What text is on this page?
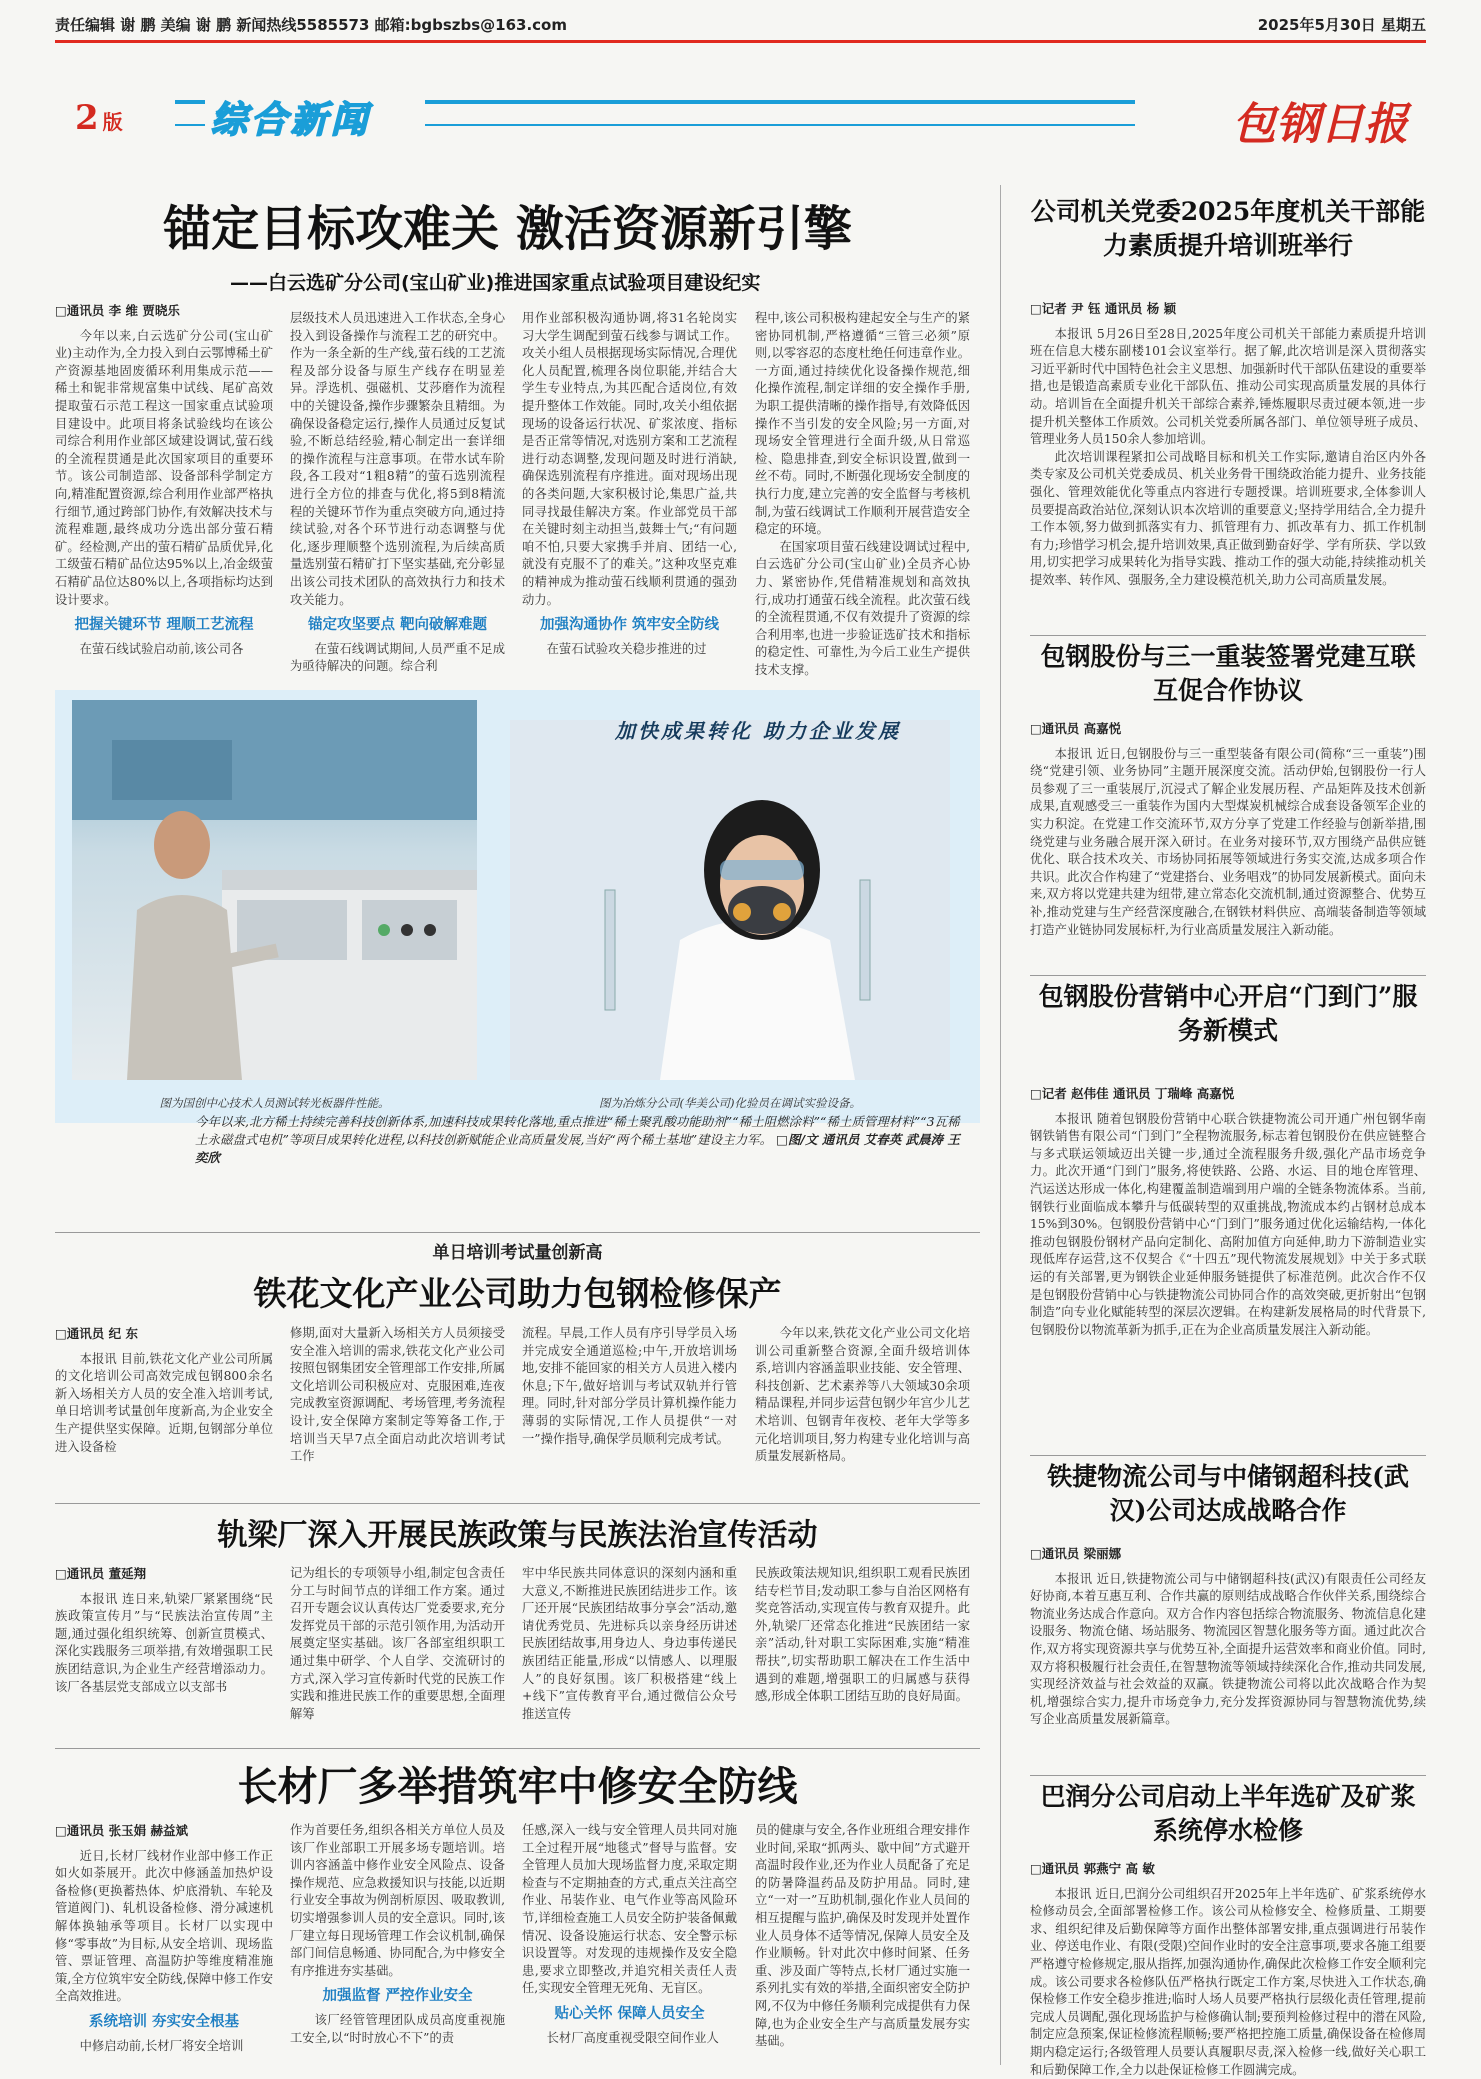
责任编辑 谢 鹏 美编 谢 鹏 新闻热线5585573 邮箱:bgbszbs@163.com	2025年5月30日 星期五
2 版 综合新闻	包钢日报
锚定目标攻难关 激活资源新引擎
——白云选矿分公司(宝山矿业)推进国家重点试验项目建设纪实
□通讯员 李 维 贾晓乐

今年以来,白云选矿分公司(宝山矿业)主动作为,全力投入到白云鄂博稀土矿产资源基地固废循环利用集成示范——稀土和铌非常规富集中试线、尾矿高效提取萤石示范工程这一国家重点试验项目建设中。此项目将条试验线均在该公司综合利用作业部区域建设调试,萤石线的全流程贯通是此次国家项目的重要环节。该公司制造部、设备部科学制定方向,精准配置资源,综合利用作业部严格执行细节,通过跨部门协作,有效解决技术与流程难题,最终成功分选出部分萤石精矿。经检测,产出的萤石精矿品质优异,化工级萤石精矿品位达95%以上,冶金级萤石精矿品位达80%以上,各项指标均达到设计要求。

把握关键环节 理顺工艺流程

在萤石线试验启动前,该公司各

层级技术人员迅速进入工作状态,全身心投入到设备操作与流程工艺的研究中。作为一条全新的生产线,萤石线的工艺流程及部分设备与原生产线存在明显差异。浮选机、强磁机、艾莎磨作为流程中的关键设备,操作步骤繁杂且精细。为确保设备稳定运行,操作人员通过反复试验,不断总结经验,精心制定出一套详细的操作流程与注意事项。在带水试车阶段,各工段对“1粗8精”的萤石选别流程进行全方位的排查与优化,将5到8精流程的关键环节作为重点突破方向,通过持续试验,对各个环节进行动态调整与优化,逐步理顺整个选别流程,为后续高质量选别萤石精矿打下坚实基础,充分彰显出该公司技术团队的高效执行力和技术攻关能力。

锚定攻坚要点 靶向破解难题

在萤石线调试期间,人员严重不足成为亟待解决的问题。综合利

用作业部积极沟通协调,将31名轮岗实习大学生调配到萤石线参与调试工作。攻关小组人员根据现场实际情况,合理优化人员配置,梳理各岗位职能,并结合大学生专业特点,为其匹配合适岗位,有效提升整体工作效能。同时,攻关小组依据现场的设备运行状况、矿浆浓度、指标是否正常等情况,对选别方案和工艺流程进行动态调整,发现问题及时进行消缺,确保选别流程有序推进。面对现场出现的各类问题,大家积极讨论,集思广益,共同寻找最佳解决方案。作业部党员干部在关键时刻主动担当,鼓舞士气;“有问题咱不怕,只要大家携手并肩、团结一心,就没有克服不了的难关。”这种攻坚克难的精神成为推动萤石线顺利贯通的强劲动力。

加强沟通协作 筑牢安全防线

在萤石试验攻关稳步推进的过

程中,该公司积极构建起安全与生产的紧密协同机制,严格遵循“三管三必须”原则,以零容忍的态度杜绝任何违章作业。一方面,通过持续优化设备操作规范,细化操作流程,制定详细的安全操作手册,为职工提供清晰的操作指导,有效降低因操作不当引发的安全风险;另一方面,对现场安全管理进行全面升级,从日常巡检、隐患排查,到安全标识设置,做到一丝不苟。同时,不断强化现场安全制度的执行力度,建立完善的安全监督与考核机制,为萤石线调试工作顺利开展营造安全稳定的环境。

在国家项目萤石线建设调试过程中,白云选矿分公司(宝山矿业)全员齐心协力、紧密协作,凭借精准规划和高效执行,成功打通萤石线全流程。此次萤石线的全流程贯通,不仅有效提升了资源的综合利用率,也进一步验证选矿技术和指标的稳定性、可靠性,为今后工业生产提供技术支撑。

加快成果转化 助力企业发展
图为国创中心技术人员测试转光板器件性能。	图为冶炼分公司(华美公司)化验员在调试实验设备。
今年以来,北方稀土持续完善科技创新体系,加速科技成果转化落地,重点推进“稀土聚乳酸功能助剂”“稀土阻燃涂料”“稀土质管理材料”“3瓦稀土永磁盘式电机”等项目成果转化进程,以科技创新赋能企业高质量发展,当好“两个稀土基地”建设主力军。 □图/文 通讯员 艾春英 武晨涛 王奕欣
单日培训考试量创新高
铁花文化产业公司助力包钢检修保产
□通讯员 纪 东

本报讯 目前,铁花文化产业公司所属的文化培训公司高效完成包钢800余名新入场相关方人员的安全准入培训考试,单日培训考试量创年度新高,为企业安全生产提供坚实保障。近期,包钢部分单位进入设备检

修期,面对大量新入场相关方人员须接受安全准入培训的需求,铁花文化产业公司按照包钢集团安全管理部工作安排,所属文化培训公司积极应对、克服困难,连夜完成教室资源调配、考场管理,考务流程设计,安全保障方案制定等筹备工作,于培训当天早7点全面启动此次培训考试工作

流程。早晨,工作人员有序引导学员入场并完成安全通道巡检;中午,开放培训场地,安排不能回家的相关方人员进入楼内休息;下午,做好培训与考试双轨并行管理。同时,针对部分学员计算机操作能力薄弱的实际情况,工作人员提供“一对一”操作指导,确保学员顺利完成考试。

今年以来,铁花文化产业公司文化培训公司重新整合资源,全面升级培训体系,培训内容涵盖职业技能、安全管理、科技创新、艺术素养等八大领域30余项精品课程,并同步运营包钢少年宫少儿艺术培训、包钢青年夜校、老年大学等多元化培训项目,努力构建专业化培训与高质量发展新格局。

轨梁厂深入开展民族政策与民族法治宣传活动
□通讯员 董延翔

本报讯 连日来,轨梁厂紧紧围绕“民族政策宣传月”与“民族法治宣传周”主题,通过强化组织统筹、创新宣贯模式、深化实践服务三项举措,有效增强职工民族团结意识,为企业生产经营增添动力。该厂各基层党支部成立以支部书

记为组长的专项领导小组,制定包含责任分工与时间节点的详细工作方案。通过召开专题会议认真传达厂党委要求,充分发挥党员干部的示范引领作用,为活动开展奠定坚实基础。该厂各部室组织职工通过集中研学、个人自学、交流研讨的方式,深入学习宣传新时代党的民族工作实践和推进民族工作的重要思想,全面理解筹

牢中华民族共同体意识的深刻内涵和重大意义,不断推进民族团结进步工作。该厂还开展“民族团结故事分享会”活动,邀请优秀党员、先进标兵以亲身经历讲述民族团结故事,用身边人、身边事传递民族团结正能量,形成“以情感人、以理服人”的良好氛围。该厂积极搭建“线上+线下”宣传教育平台,通过微信公众号推送宣传

民族政策法规知识,组织职工观看民族团结专栏节目;发动职工参与自治区网格有奖竞答活动,实现宣传与教育双提升。此外,轨梁厂还常态化推进“民族团结一家亲”活动,针对职工实际困难,实施“精准帮扶”,切实帮助职工解决在工作生活中遇到的难题,增强职工的归属感与获得感,形成全体职工团结互助的良好局面。

长材厂多举措筑牢中修安全防线
□通讯员 张玉娟 赫益斌

近日,长材厂线材作业部中修工作正如火如荼展开。此次中修涵盖加热炉设备检修(更换蓄热体、炉底滑轨、车轮及管道阀门)、轧机设备检修、滑分减速机解体换轴承等项目。长材厂以实现中修“零事故”为目标,从安全培训、现场监管、票证管理、高温防护等维度精准施策,全方位筑牢安全防线,保障中修工作安全高效推进。

系统培训 夯实安全根基

中修启动前,长材厂将安全培训

作为首要任务,组织各相关方单位人员及该厂作业部职工开展多场专题培训。培训内容涵盖中修作业安全风险点、设备操作规范、应急救援知识与技能,以近期行业安全事故为例剖析原因、吸取教训,切实增强参训人员的安全意识。同时,该厂建立每日现场管理工作会议机制,确保部门间信息畅通、协同配合,为中修安全有序推进夯实基础。

加强监督 严控作业安全

该厂经管管理团队成员高度重视施工安全,以“时时放心不下”的责

任感,深入一线与安全管理人员共同对施工全过程开展“地毯式”督导与监督。安全管理人员加大现场监督力度,采取定期检查与不定期抽查的方式,重点关注高空作业、吊装作业、电气作业等高风险环节,详细检查施工人员安全防护装备佩戴情况、设备设施运行状态、安全警示标识设置等。对发现的违规操作及安全隐患,要求立即整改,并追究相关责任人责任,实现安全管理无死角、无盲区。

贴心关怀 保障人员安全

长材厂高度重视受限空间作业人

员的健康与安全,各作业班组合理安排作业时间,采取“抓两头、歇中间”方式避开高温时段作业,还为作业人员配备了充足的防暑降温药品及防护用品。同时,建立“一对一”互助机制,强化作业人员间的相互提醒与监护,确保及时发现并处置作业人员身体不适等情况,保障人员安全及作业顺畅。针对此次中修时间紧、任务重、涉及面广等特点,长材厂通过实施一系列扎实有效的举措,全面织密安全防护网,不仅为中修任务顺利完成提供有力保障,也为企业安全生产与高质量发展夯实基础。

公司机关党委2025年度机关干部能力素质提升培训班举行
□记者 尹 钰 通讯员 杨 颖

本报讯 5月26日至28日,2025年度公司机关干部能力素质提升培训班在信息大楼东副楼101会议室举行。据了解,此次培训是深入贯彻落实习近平新时代中国特色社会主义思想、加强新时代干部队伍建设的重要举措,也是锻造高素质专业化干部队伍、推动公司实现高质量发展的具体行动。培训旨在全面提升机关干部综合素养,锤炼履职尽责过硬本领,进一步提升机关整体工作质效。公司机关党委所属各部门、单位领导班子成员、管理业务人员150余人参加培训。

此次培训课程紧扣公司战略目标和机关工作实际,邀请自治区内外各类专家及公司机关党委成员、机关业务骨干围绕政治能力提升、业务技能强化、管理效能优化等重点内容进行专题授课。培训班要求,全体参训人员要提高政治站位,深刻认识本次培训的重要意义;坚持学用结合,全力提升工作本领,努力做到抓落实有力、抓管理有力、抓改革有力、抓工作机制有力;珍惜学习机会,提升培训效果,真正做到勤奋好学、学有所获、学以致用,切实把学习成果转化为指导实践、推动工作的强大动能,持续推动机关提效率、转作风、强服务,全力建设模范机关,助力公司高质量发展。

包钢股份与三一重装签署党建互联互促合作协议
□通讯员 高嘉悦

本报讯 近日,包钢股份与三一重型装备有限公司(简称“三一重装”)围绕“党建引领、业务协同”主题开展深度交流。活动伊始,包钢股份一行人员参观了三一重装展厅,沉浸式了解企业发展历程、产品矩阵及技术创新成果,直观感受三一重装作为国内大型煤炭机械综合成套设备领军企业的实力积淀。在党建工作交流环节,双方分享了党建工作经验与创新举措,围绕党建与业务融合展开深入研讨。在业务对接环节,双方围绕产品供应链优化、联合技术攻关、市场协同拓展等领域进行务实交流,达成多项合作共识。此次合作构建了“党建搭台、业务唱戏”的协同发展新模式。面向未来,双方将以党建共建为纽带,建立常态化交流机制,通过资源整合、优势互补,推动党建与生产经营深度融合,在钢铁材料供应、高端装备制造等领域打造产业链协同发展标杆,为行业高质量发展注入新动能。

包钢股份营销中心开启“门到门”服务新模式
□记者 赵伟佳 通讯员 丁瑞峰 高嘉悦

本报讯 随着包钢股份营销中心联合铁捷物流公司开通广州包钢华南钢铁销售有限公司“门到门”全程物流服务,标志着包钢股份在供应链整合与多式联运领域迈出关键一步,通过全流程服务升级,强化产品市场竞争力。此次开通“门到门”服务,将使铁路、公路、水运、目的地仓库管理、汽运送达形成一体化,构建覆盖制造端到用户端的全链条物流体系。当前,钢铁行业面临成本攀升与低碳转型的双重挑战,物流成本约占钢材总成本15%到30%。包钢股份营销中心“门到门”服务通过优化运输结构,一体化推动包钢股份钢材产品向定制化、高附加值方向延伸,助力下游制造业实现低库存运营,这不仅契合《“十四五”现代物流发展规划》中关于多式联运的有关部署,更为钢铁企业延伸服务链提供了标准范例。此次合作不仅是包钢股份营销中心与铁捷物流公司协同合作的高效突破,更折射出“包钢制造”向专业化赋能转型的深层次逻辑。在构建新发展格局的时代背景下,包钢股份以物流革新为抓手,正在为企业高质量发展注入新动能。

铁捷物流公司与中储钢超科技(武汉)公司达成战略合作
□通讯员 梁丽娜

本报讯 近日,铁捷物流公司与中储钢超科技(武汉)有限责任公司经友好协商,本着互惠互利、合作共赢的原则结成战略合作伙伴关系,围绕综合物流业务达成合作意向。双方合作内容包括综合物流服务、物流信息化建设服务、物流仓储、场站服务、物流园区智慧化服务等方面。通过此次合作,双方将实现资源共享与优势互补,全面提升运营效率和商业价值。同时,双方将积极履行社会责任,在智慧物流等领域持续深化合作,推动共同发展,实现经济效益与社会效益的双赢。铁捷物流公司将以此次战略合作为契机,增强综合实力,提升市场竞争力,充分发挥资源协同与智慧物流优势,续写企业高质量发展新篇章。

巴润分公司启动上半年选矿及矿浆系统停水检修
□通讯员 郭燕宁 高 敏

本报讯 近日,巴润分公司组织召开2025年上半年选矿、矿浆系统停水检修动员会,全面部署检修工作。该公司从检修安全、检修质量、工期要求、组织纪律及后勤保障等方面作出整体部署安排,重点强调进行吊装作业、停送电作业、有限(受限)空间作业时的安全注意事项,要求各施工组要严格遵守检修规定,服从指挥,加强沟通协作,确保此次检修工作安全顺利完成。该公司要求各检修队伍严格执行既定工作方案,尽快进入工作状态,确保检修工作安全稳步推进;临时人场人员要严格执行层级化责任管理,提前完成人员调配,强化现场监护与检修确认制;要预判检修过程中的潜在风险,制定应急预案,保证检修流程顺畅;要严格把控施工质量,确保设备在检修周期内稳定运行;各级管理人员要认真履职尽责,深入检修一线,做好关心职工和后勤保障工作,全力以赴保证检修工作圆满完成。
